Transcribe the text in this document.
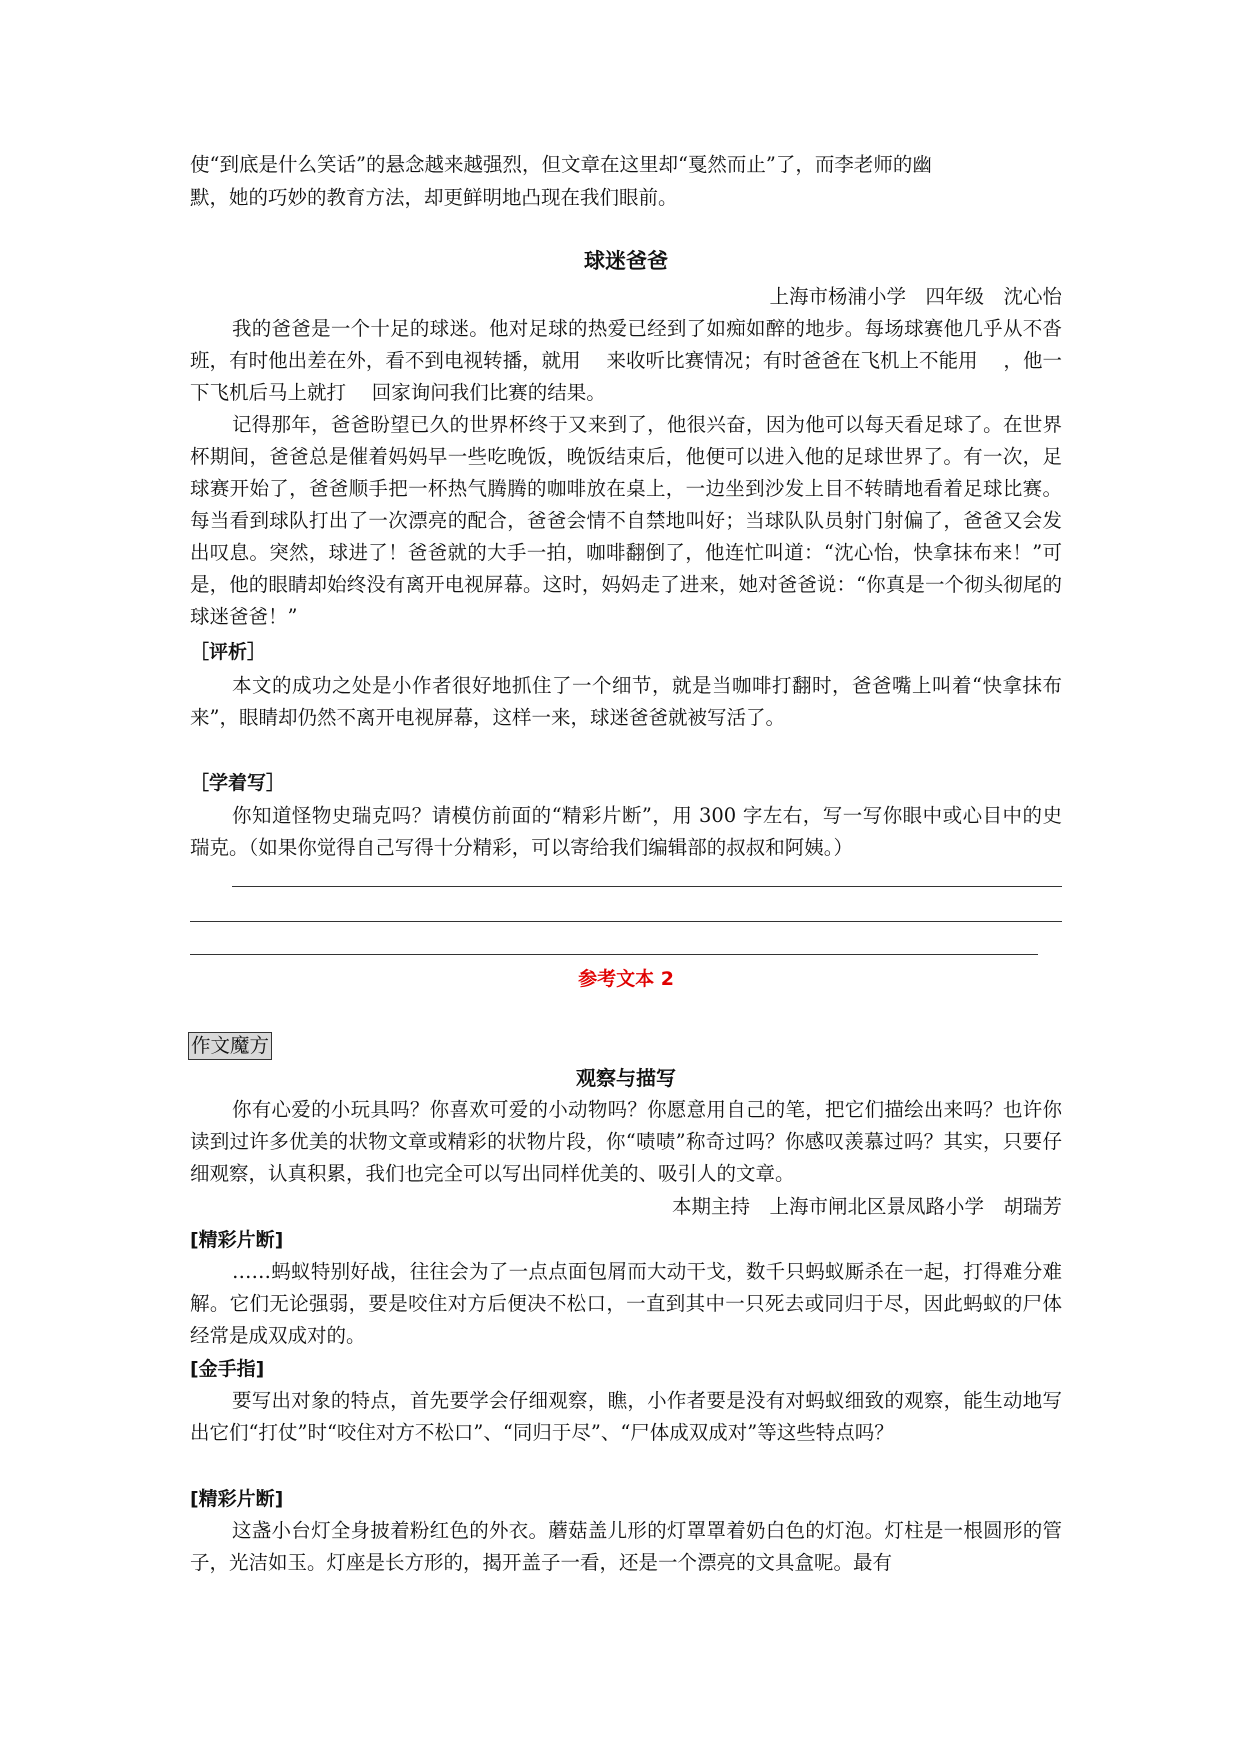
使“到底是什么笑话”的悬念越来越强烈，但文章在这里却“戛然而止”了，而李老师的幽

默，她的巧妙的教育方法，却更鲜明地凸现在我们眼前。

球迷爸爸
上海市杨浦小学　四年级　沈心怡

我的爸爸是一个十足的球迷。他对足球的热爱已经到了如痴如醉的地步。每场球赛他几乎从不沓班，有时他出差在外，看不到电视转播，就用　 来收听比赛情况；有时爸爸在飞机上不能用　 ，他一下飞机后马上就打　 回家询问我们比赛的结果。

记得那年，爸爸盼望已久的世界杯终于又来到了，他很兴奋，因为他可以每天看足球了。在世界杯期间，爸爸总是催着妈妈早一些吃晚饭，晚饭结束后，他便可以进入他的足球世界了。有一次，足球赛开始了，爸爸顺手把一杯热气腾腾的咖啡放在桌上，一边坐到沙发上目不转睛地看着足球比赛。每当看到球队打出了一次漂亮的配合，爸爸会情不自禁地叫好；当球队队员射门射偏了，爸爸又会发出叹息。突然，球进了！爸爸就的大手一拍，咖啡翻倒了，他连忙叫道：“沈心怡，快拿抹布来！”可是，他的眼睛却始终没有离开电视屏幕。这时，妈妈走了进来，她对爸爸说：“你真是一个彻头彻尾的球迷爸爸！”

［评析］

本文的成功之处是小作者很好地抓住了一个细节，就是当咖啡打翻时，爸爸嘴上叫着“快拿抹布来”，眼睛却仍然不离开电视屏幕，这样一来，球迷爸爸就被写活了。

［学着写］

你知道怪物史瑞克吗？请模仿前面的“精彩片断”，用 300 字左右，写一写你眼中或心目中的史瑞克。（如果你觉得自己写得十分精彩，可以寄给我们编辑部的叔叔和阿姨。）

参考文本 2
作文魔方
观察与描写

你有心爱的小玩具吗？你喜欢可爱的小动物吗？你愿意用自己的笔，把它们描绘出来吗？也许你读到过许多优美的状物文章或精彩的状物片段，你“啧啧”称奇过吗？你感叹羡慕过吗？其实，只要仔细观察，认真积累，我们也完全可以写出同样优美的、吸引人的文章。

本期主持　上海市闸北区景凤路小学　胡瑞芳
[精彩片断]

……蚂蚁特别好战，往往会为了一点点面包屑而大动干戈，数千只蚂蚁厮杀在一起，打得难分难解。它们无论强弱，要是咬住对方后便决不松口，一直到其中一只死去或同归于尽，因此蚂蚁的尸体经常是成双成对的。

[金手指]

要写出对象的特点，首先要学会仔细观察，瞧，小作者要是没有对蚂蚁细致的观察，能生动地写出它们“打仗”时“咬住对方不松口”、“同归于尽”、“尸体成双成对”等这些特点吗？

[精彩片断]

这盏小台灯全身披着粉红色的外衣。蘑菇盖儿形的灯罩罩着奶白色的灯泡。灯柱是一根圆形的管子，光洁如玉。灯座是长方形的，揭开盖子一看，还是一个漂亮的文具盒呢。最有
